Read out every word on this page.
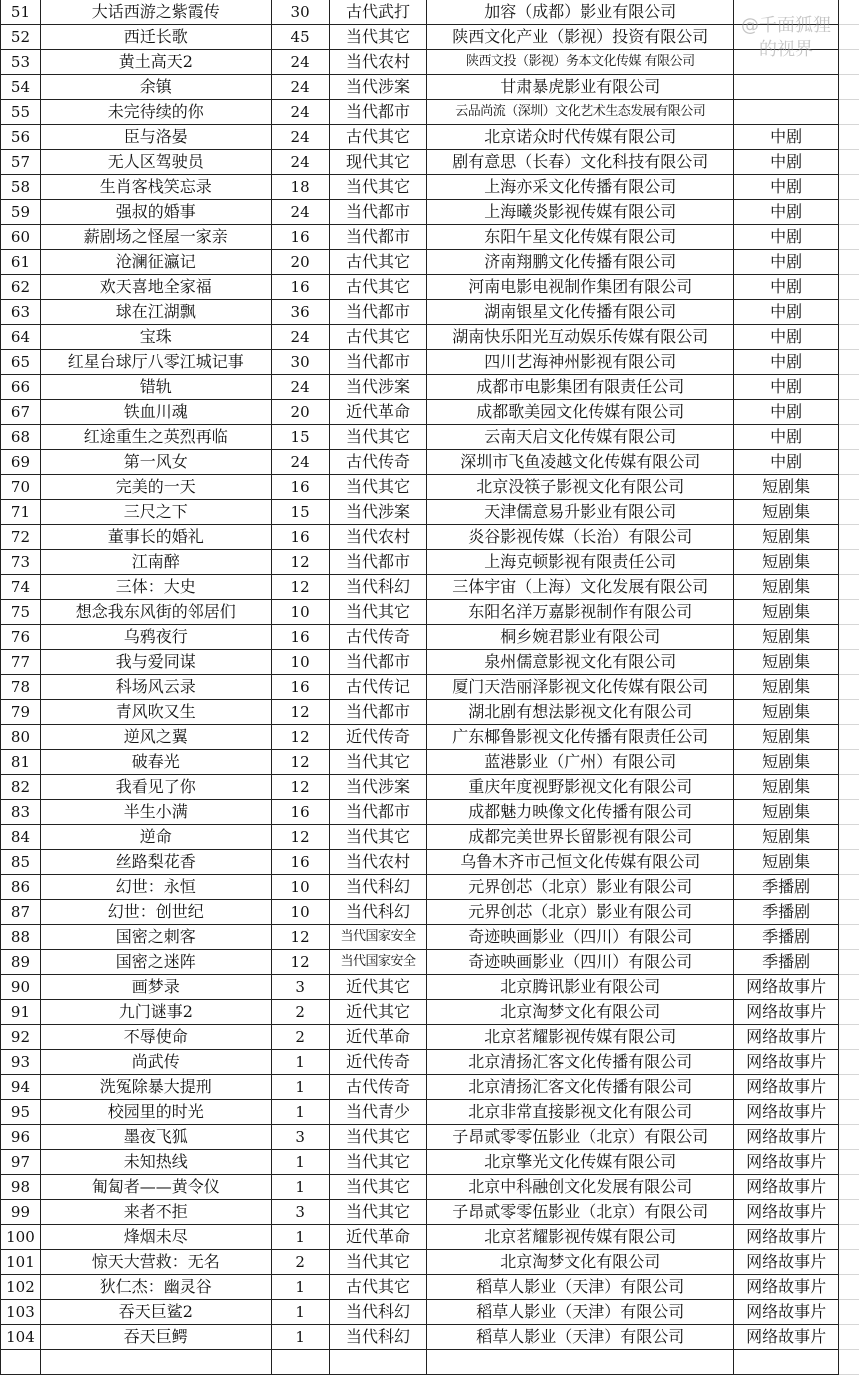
51	大话西游之紫霞传	30	古代武打	加容（成都）影业有限公司		
52	西迁长歌	45	当代其它	陕西文化产业（影视）投资有限公司		
53	黄土高天2	24	当代农村	陕西文投（影视）务本文化传媒 有限公司		
54	余镇	24	当代涉案	甘肃暴虎影业有限公司		
55	未完待续的你	24	当代都市	云品尚流（深圳）文化艺术生态发展有限公司		
56	臣与洛晏	24	古代其它	北京诺众时代传媒有限公司	中剧	
57	无人区驾驶员	24	现代其它	剧有意思（长春）文化科技有限公司	中剧	
58	生肖客栈笑忘录	18	当代其它	上海亦采文化传播有限公司	中剧	
59	强叔的婚事	24	当代都市	上海曦炎影视传媒有限公司	中剧	
60	薪剧场之怪屋一家亲	16	当代都市	东阳午星文化传媒有限公司	中剧	
61	沧澜征瀛记	20	古代其它	济南翔鹏文化传播有限公司	中剧	
62	欢天喜地全家福	16	古代其它	河南电影电视制作集团有限公司	中剧	
63	球在江湖飘	36	当代都市	湖南银星文化传播有限公司	中剧	
64	宝珠	24	古代其它	湖南快乐阳光互动娱乐传媒有限公司	中剧	
65	红星台球厅八零江城记事	30	当代都市	四川艺海神州影视有限公司	中剧	
66	错轨	24	当代涉案	成都市电影集团有限责任公司	中剧	
67	铁血川魂	20	近代革命	成都歌美园文化传媒有限公司	中剧	
68	红途重生之英烈再临	15	当代其它	云南天启文化传媒有限公司	中剧	
69	第一风女	24	古代传奇	深圳市飞鱼凌越文化传媒有限公司	中剧	
70	完美的一天	16	当代其它	北京没筷子影视文化有限公司	短剧集	
71	三尺之下	15	当代涉案	天津儒意易升影业有限公司	短剧集	
72	董事长的婚礼	16	当代农村	炎谷影视传媒（长治）有限公司	短剧集	
73	江南醉	12	当代都市	上海克顿影视有限责任公司	短剧集	
74	三体：大史	12	当代科幻	三体宇宙（上海）文化发展有限公司	短剧集	
75	想念我东风街的邻居们	10	当代其它	东阳名洋万嘉影视制作有限公司	短剧集	
76	乌鸦夜行	16	古代传奇	桐乡婉君影业有限公司	短剧集	
77	我与爱同谋	10	当代都市	泉州儒意影视文化有限公司	短剧集	
78	科场风云录	16	古代传记	厦门天浩丽泽影视文化传媒有限公司	短剧集	
79	青风吹又生	12	当代都市	湖北剧有想法影视文化有限公司	短剧集	
80	逆风之翼	12	近代传奇	广东椰鲁影视文化传播有限责任公司	短剧集	
81	破春光	12	当代其它	蓝港影业（广州）有限公司	短剧集	
82	我看见了你	12	当代涉案	重庆年度视野影视文化有限公司	短剧集	
83	半生小满	16	当代都市	成都魅力映像文化传播有限公司	短剧集	
84	逆命	12	当代其它	成都完美世界长留影视有限公司	短剧集	
85	丝路梨花香	16	当代农村	乌鲁木齐市己恒文化传媒有限公司	短剧集	
86	幻世：永恒	10	当代科幻	元界创芯（北京）影业有限公司	季播剧	
87	幻世：创世纪	10	当代科幻	元界创芯（北京）影业有限公司	季播剧	
88	国密之刺客	12	当代国家安全	奇迹映画影业（四川）有限公司	季播剧	
89	国密之迷阵	12	当代国家安全	奇迹映画影业（四川）有限公司	季播剧	
90	画梦录	3	近代其它	北京腾讯影业有限公司	网络故事片	
91	九门谜事2	2	近代其它	北京淘梦文化有限公司	网络故事片	
92	不辱使命	2	近代革命	北京茗耀影视传媒有限公司	网络故事片	
93	尚武传	1	近代传奇	北京清扬汇客文化传播有限公司	网络故事片	
94	洗冤除暴大提刑	1	古代传奇	北京清扬汇客文化传播有限公司	网络故事片	
95	校园里的时光	1	当代青少	北京非常直接影视文化有限公司	网络故事片	
96	墨夜飞狐	3	当代其它	子昂贰零零伍影业（北京）有限公司	网络故事片	
97	未知热线	1	当代其它	北京擎光文化传媒有限公司	网络故事片	
98	匍匐者——黄令仪	1	当代其它	北京中科融创文化发展有限公司	网络故事片	
99	来者不拒	3	当代其它	子昂贰零零伍影业（北京）有限公司	网络故事片	
100	烽烟未尽	1	近代革命	北京茗耀影视传媒有限公司	网络故事片	
101	惊天大营救：无名	2	当代其它	北京淘梦文化有限公司	网络故事片	
102	狄仁杰：幽灵谷	1	古代其它	稻草人影业（天津）有限公司	网络故事片	
103	吞天巨鲨2	1	当代科幻	稻草人影业（天津）有限公司	网络故事片	
104	吞天巨鳄	1	当代科幻	稻草人影业（天津）有限公司	网络故事片	

@千面狐狸的视界
